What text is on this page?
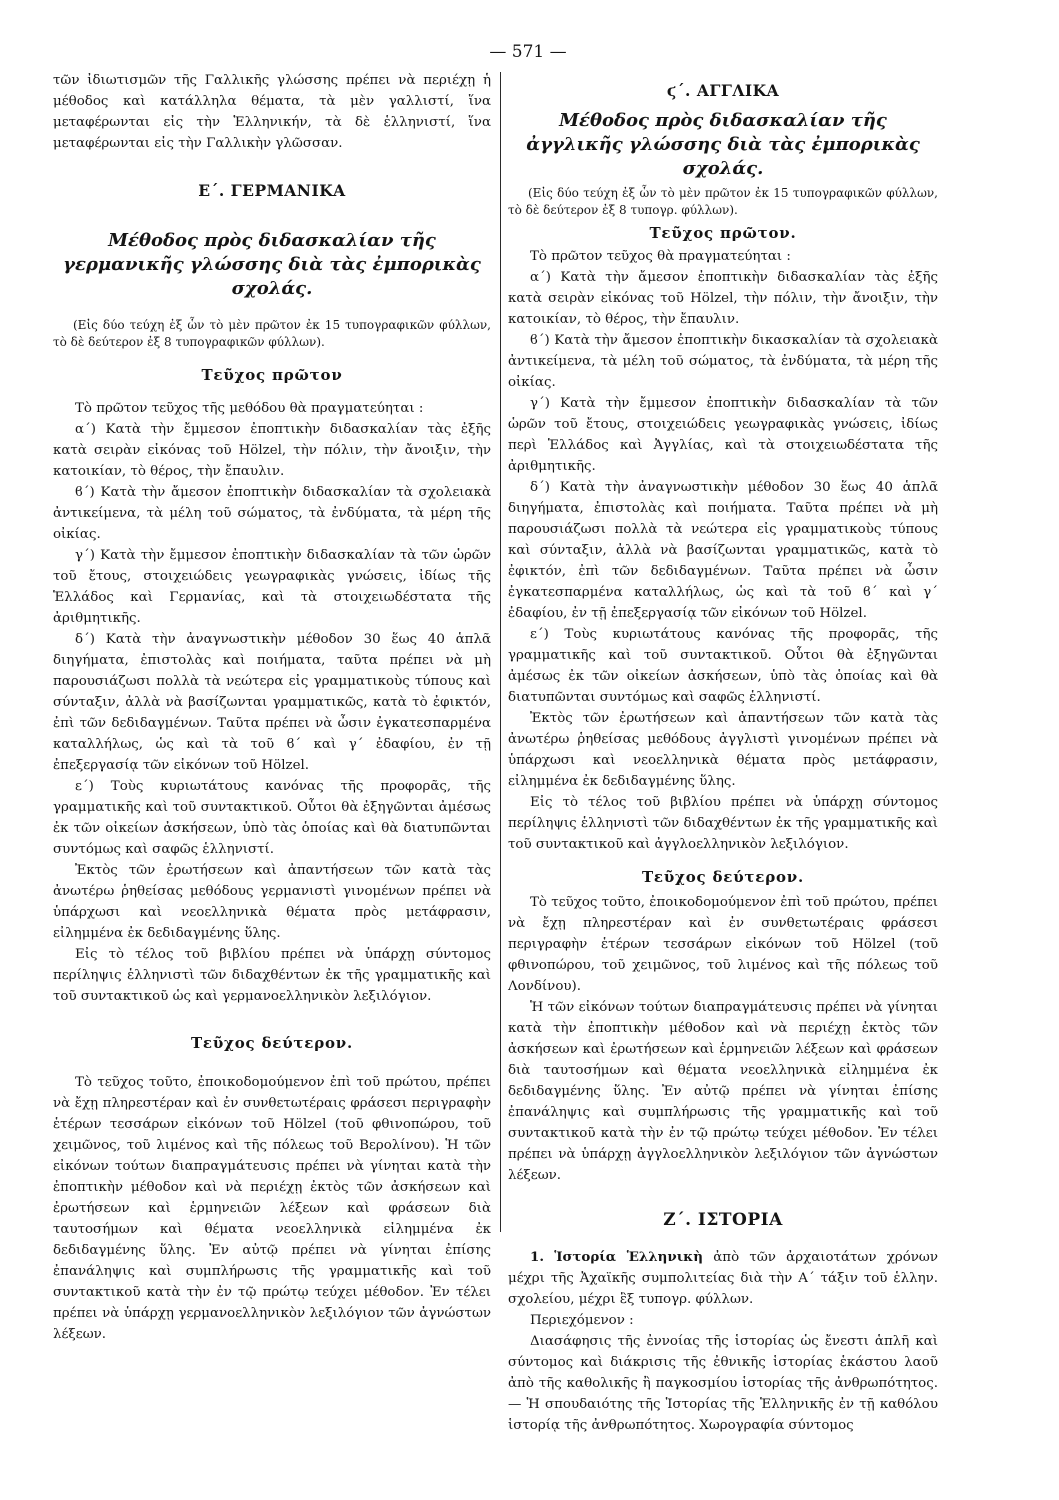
— 571 —

τῶν ἰδιωτισμῶν τῆς Γαλλικῆς γλώσσης πρέπει νὰ περιέχῃ ἡ μέθοδος καὶ κατάλληλα θέματα, τὰ μὲν γαλλιστί, ἵνα μεταφέρωνται εἰς τὴν Ἑλληνικήν, τὰ δὲ ἑλληνιστί, ἵνα μεταφέρωνται εἰς τὴν Γαλλικὴν γλῶσσαν.

Ε΄. ΓΕΡΜΑΝΙΚΑ
Μέθοδος πρὸς διδασκαλίαν τῆς γερμανικῆς γλώσσης διὰ τὰς ἐμπορικὰς σχολάς.

(Εἰς δύο τεύχη ἐξ ὧν τὸ μὲν πρῶτον ἐκ 15 τυπογραφικῶν φύλλων, τὸ δὲ δεύτερον ἐξ 8 τυπογραφικῶν φύλλων).

Τεῦχος πρῶτον

Τὸ πρῶτον τεῦχος τῆς μεθόδου θὰ πραγματεύηται :

α΄) Κατὰ τὴν ἔμμεσον ἐποπτικὴν διδασκαλίαν τὰς ἐξῆς κατὰ σειρὰν εἰκόνας τοῦ Hölzel, τὴν πόλιν, τὴν ἄνοιξιν, τὴν κατοικίαν, τὸ θέρος, τὴν ἔπαυλιν.

ϐ΄) Κατὰ τὴν ἄμεσον ἐποπτικὴν διδασκαλίαν τὰ σχολειακὰ ἀντικείμενα, τὰ μέλη τοῦ σώματος, τὰ ἐνδύματα, τὰ μέρη τῆς οἰκίας.

γ΄) Κατὰ τὴν ἔμμεσον ἐποπτικὴν διδασκαλίαν τὰ τῶν ὡρῶν τοῦ ἔτους, στοιχειώδεις γεωγραφικὰς γνώσεις, ἰδίως τῆς Ἑλλάδος καὶ Γερμανίας, καὶ τὰ στοιχειωδέστατα τῆς ἀριθμητικῆς.

δ΄) Κατὰ τὴν ἀναγνωστικὴν μέθοδον 30 ἕως 40 ἁπλᾶ διηγήματα, ἐπιστολὰς καὶ ποιήματα, ταῦτα πρέπει νὰ μὴ παρουσιάζωσι πολλὰ τὰ νεώτερα εἰς γραμματικοὺς τύπους καὶ σύνταξιν, ἀλλὰ νὰ βασίζωνται γραμματικῶς, κατὰ τὸ ἐφικτόν, ἐπὶ τῶν δεδιδαγμένων. Ταῦτα πρέπει νὰ ὦσιν ἐγκατεσπαρμένα καταλλήλως, ὡς καὶ τὰ τοῦ ϐ΄ καὶ γ΄ ἐδαφίου, ἐν τῇ ἐπεξεργασίᾳ τῶν εἰκόνων τοῦ Hölzel.

ε΄) Τοὺς κυριωτάτους κανόνας τῆς προφορᾶς, τῆς γραμματικῆς καὶ τοῦ συντακτικοῦ. Οὗτοι θὰ ἐξηγῶνται ἀμέσως ἐκ τῶν οἰκείων ἀσκήσεων, ὑπὸ τὰς ὁποίας καὶ θὰ διατυπῶνται συντόμως καὶ σαφῶς ἑλληνιστί.

Ἐκτὸς τῶν ἐρωτήσεων καὶ ἀπαντήσεων τῶν κατὰ τὰς ἀνωτέρω ῥηθείσας μεθόδους γερμανιστὶ γινομένων πρέπει νὰ ὑπάρχωσι καὶ νεοελληνικὰ θέματα πρὸς μετάφρασιν, εἰλημμένα ἐκ δεδιδαγμένης ὕλης.

Εἰς τὸ τέλος τοῦ βιβλίου πρέπει νὰ ὑπάρχῃ σύντομος περίληψις ἑλληνιστὶ τῶν διδαχθέντων ἐκ τῆς γραμματικῆς καὶ τοῦ συντακτικοῦ ὡς καὶ γερμανοελληνικὸν λεξιλόγιον.

Τεῦχος δεύτερον.

Τὸ τεῦχος τοῦτο, ἐποικοδομούμενον ἐπὶ τοῦ πρώτου, πρέπει νὰ ἔχῃ πληρεστέραν καὶ ἐν συνθετωτέραις φράσεσι περιγραφὴν ἑτέρων τεσσάρων εἰκόνων τοῦ Hölzel (τοῦ φθινοπώρου, τοῦ χειμῶνος, τοῦ λιμένος καὶ τῆς πόλεως τοῦ Βερολίνου). Ἡ τῶν εἰκόνων τούτων διαπραγμάτευσις πρέπει νὰ γίνηται κατὰ τὴν ἐποπτικὴν μέθοδον καὶ νὰ περιέχῃ ἐκτὸς τῶν ἀσκήσεων καὶ ἐρωτήσεων καὶ ἑρμηνειῶν λέξεων καὶ φράσεων διὰ ταυτοσήμων καὶ θέματα νεοελληνικὰ εἰλημμένα ἐκ δεδιδαγμένης ὕλης. Ἐν αὐτῷ πρέπει νὰ γίνηται ἐπίσης ἐπανάληψις καὶ συμπλήρωσις τῆς γραμματικῆς καὶ τοῦ συντακτικοῦ κατὰ τὴν ἐν τῷ πρώτῳ τεύχει μέθοδον. Ἐν τέλει πρέπει νὰ ὑπάρχῃ γερμανοελληνικὸν λεξιλόγιον τῶν ἀγνώστων λέξεων.

ϛ΄. ΑΓΓΛΙΚΑ
Μέθοδος πρὸς διδασκαλίαν τῆς ἀγγλικῆς γλώσσης διὰ τὰς ἐμπορικὰς σχολάς.

(Εἰς δύο τεύχη ἐξ ὧν τὸ μὲν πρῶτον ἐκ 15 τυπογραφικῶν φύλλων, τὸ δὲ δεύτερον ἐξ 8 τυπογρ. φύλλων).

Τεῦχος πρῶτον.

Τὸ πρῶτον τεῦχος θὰ πραγματεύηται :

α΄) Κατὰ τὴν ἄμεσον ἐποπτικὴν διδασκαλίαν τὰς ἐξῆς κατὰ σειρὰν εἰκόνας τοῦ Hölzel, τὴν πόλιν, τὴν ἄνοιξιν, τὴν κατοικίαν, τὸ θέρος, τὴν ἔπαυλιν.

ϐ΄) Κατὰ τὴν ἄμεσον ἐποπτικὴν δικασκαλίαν τὰ σχολειακὰ ἀντικείμενα, τὰ μέλη τοῦ σώματος, τὰ ἐνδύματα, τὰ μέρη τῆς οἰκίας.

γ΄) Κατὰ τὴν ἔμμεσον ἐποπτικὴν διδασκαλίαν τὰ τῶν ὡρῶν τοῦ ἔτους, στοιχειώδεις γεωγραφικὰς γνώσεις, ἰδίως περὶ Ἑλλάδος καὶ Ἀγγλίας, καὶ τὰ στοιχειωδέστατα τῆς ἀριθμητικῆς.

δ΄) Κατὰ τὴν ἀναγνωστικὴν μέθοδον 30 ἕως 40 ἁπλᾶ διηγήματα, ἐπιστολὰς καὶ ποιήματα. Ταῦτα πρέπει νὰ μὴ παρουσιάζωσι πολλὰ τὰ νεώτερα εἰς γραμματικοὺς τύπους καὶ σύνταξιν, ἀλλὰ νὰ βασίζωνται γραμματικῶς, κατὰ τὸ ἐφικτόν, ἐπὶ τῶν δεδιδαγμένων. Ταῦτα πρέπει νὰ ὦσιν ἐγκατεσπαρμένα καταλλήλως, ὡς καὶ τὰ τοῦ ϐ΄ καὶ γ΄ ἐδαφίου, ἐν τῇ ἐπεξεργασίᾳ τῶν εἰκόνων τοῦ Hölzel.

ε΄) Τοὺς κυριωτάτους κανόνας τῆς προφορᾶς, τῆς γραμματικῆς καὶ τοῦ συντακτικοῦ. Οὗτοι θὰ ἐξηγῶνται ἀμέσως ἐκ τῶν οἰκείων ἀσκήσεων, ὑπὸ τὰς ὁποίας καὶ θὰ διατυπῶνται συντόμως καὶ σαφῶς ἑλληνιστί.

Ἐκτὸς τῶν ἐρωτήσεων καὶ ἀπαντήσεων τῶν κατὰ τὰς ἀνωτέρω ῥηθείσας μεθόδους ἀγγλιστὶ γινομένων πρέπει νὰ ὑπάρχωσι καὶ νεοελληνικὰ θέματα πρὸς μετάφρασιν, εἰλημμένα ἐκ δεδιδαγμένης ὕλης.

Εἰς τὸ τέλος τοῦ βιβλίου πρέπει νὰ ὑπάρχῃ σύντομος περίληψις ἑλληνιστὶ τῶν διδαχθέντων ἐκ τῆς γραμματικῆς καὶ τοῦ συντακτικοῦ καὶ ἀγγλοελληνικὸν λεξιλόγιον.

Τεῦχος δεύτερον.

Τὸ τεῦχος τοῦτο, ἐποικοδομούμενον ἐπὶ τοῦ πρώτου, πρέπει νὰ ἔχῃ πληρεστέραν καὶ ἐν συνθετωτέραις φράσεσι περιγραφὴν ἑτέρων τεσσάρων εἰκόνων τοῦ Hölzel (τοῦ φθινοπώρου, τοῦ χειμῶνος, τοῦ λιμένος καὶ τῆς πόλεως τοῦ Λονδίνου).

Ἡ τῶν εἰκόνων τούτων διαπραγμάτευσις πρέπει νὰ γίνηται κατὰ τὴν ἐποπτικὴν μέθοδον καὶ νὰ περιέχῃ ἐκτὸς τῶν ἀσκήσεων καὶ ἐρωτήσεων καὶ ἑρμηνειῶν λέξεων καὶ φράσεων διὰ ταυτοσήμων καὶ θέματα νεοελληνικὰ εἰλημμένα ἐκ δεδιδαγμένης ὕλης. Ἐν αὐτῷ πρέπει νὰ γίνηται ἐπίσης ἐπανάληψις καὶ συμπλήρωσις τῆς γραμματικῆς καὶ τοῦ συντακτικοῦ κατὰ τὴν ἐν τῷ πρώτῳ τεύχει μέθοδον. Ἐν τέλει πρέπει νὰ ὑπάρχῃ ἀγγλοελληνικὸν λεξιλόγιον τῶν ἀγνώστων λέξεων.

Ζ΄. ΙΣΤΟΡΙΑ

1. Ἱστορία Ἑλληνικὴ ἀπὸ τῶν ἀρχαιοτάτων χρόνων μέχρι τῆς Ἀχαϊκῆς συμπολιτείας διὰ τὴν Α΄ τάξιν τοῦ ἑλλην. σχολείου, μέχρι ἓξ τυπογρ. φύλλων.

Περιεχόμενον :

Διασάφησις τῆς ἐννοίας τῆς ἱστορίας ὡς ἔνεστι ἁπλῆ καὶ σύντομος καὶ διάκρισις τῆς ἐθνικῆς ἱστορίας ἑκάστου λαοῦ ἀπὸ τῆς καθολικῆς ἢ παγκοσμίου ἱστορίας τῆς ἀνθρωπότητος. — Ἡ σπουδαιότης τῆς Ἱστορίας τῆς Ἑλληνικῆς ἐν τῇ καθόλου ἱστορίᾳ τῆς ἀνθρωπότητος. Χωρογραφία σύντομος
